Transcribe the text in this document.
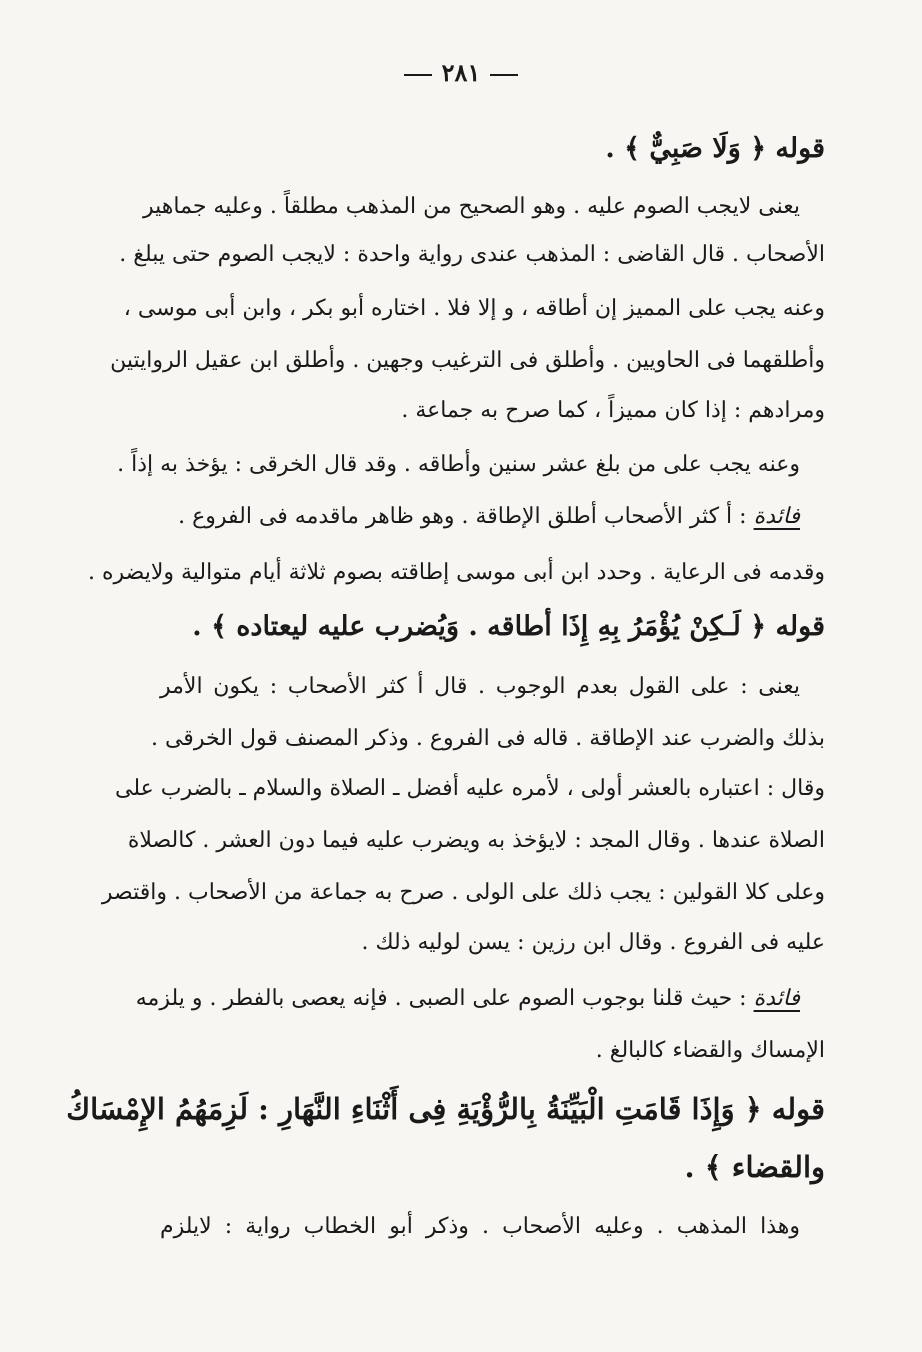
٢٨١
قوله ﴿ وَلَا صَبِيٌّ ﴾ .
يعنى لايجب الصوم عليه . وهو الصحيح من المذهب مطلقاً . وعليه جماهير
الأصحاب . قال القاضى : المذهب عندى رواية واحدة : لايجب الصوم حتى يبلغ .
وعنه يجب على المميز إن أطاقه ، و إلا فلا . اختاره أبو بكر ، وابن أبى موسى ،
وأطلقهما فى الحاويين . وأطلق فى الترغيب وجهين . وأطلق ابن عقيل الروايتين
ومرادهم : إذا كان مميزاً ، كما صرح به جماعة .
وعنه يجب على من بلغ عشر سنين وأطاقه . وقد قال الخرقى : يؤخذ به إذاً .
فائدة : أ كثر الأصحاب أطلق الإطاقة . وهو ظاهر ماقدمه فى الفروع .
وقدمه فى الرعاية . وحدد ابن أبى موسى إطاقته بصوم ثلاثة أيام متوالية ولايضره .
قوله ﴿ لَـكِنْ يُؤْمَرُ بِهِ إِذَا أطاقه . وَيُضرب عليه ليعتاده ﴾ .
يعنى : على القول بعدم الوجوب . قال أ كثر الأصحاب : يكون الأمر
بذلك والضرب عند الإطاقة . قاله فى الفروع . وذكر المصنف قول الخرقى .
وقال : اعتباره بالعشر أولى ، لأمره عليه أفضل ـ الصلاة والسلام ـ بالضرب على
الصلاة عندها . وقال المجد : لايؤخذ به ويضرب عليه فيما دون العشر . كالصلاة
وعلى كلا القولين : يجب ذلك على الولى . صرح به جماعة من الأصحاب . واقتصر
عليه فى الفروع . وقال ابن رزين : يسن لوليه ذلك .
فائدة : حيث قلنا بوجوب الصوم على الصبى . فإنه يعصى بالفطر . و يلزمه
الإمساك والقضاء كالبالغ .
قوله ﴿ وَإِذَا قَامَتِ الْبَيِّنَةُ بِالرُّؤْيَةِ فِى أَثْنَاءِ النَّهَارِ : لَزِمَهُمُ الإِمْسَاكُ
والقضاء ﴾ .
وهذا المذهب . وعليه الأصحاب . وذكر أبو الخطاب رواية : لايلزم
